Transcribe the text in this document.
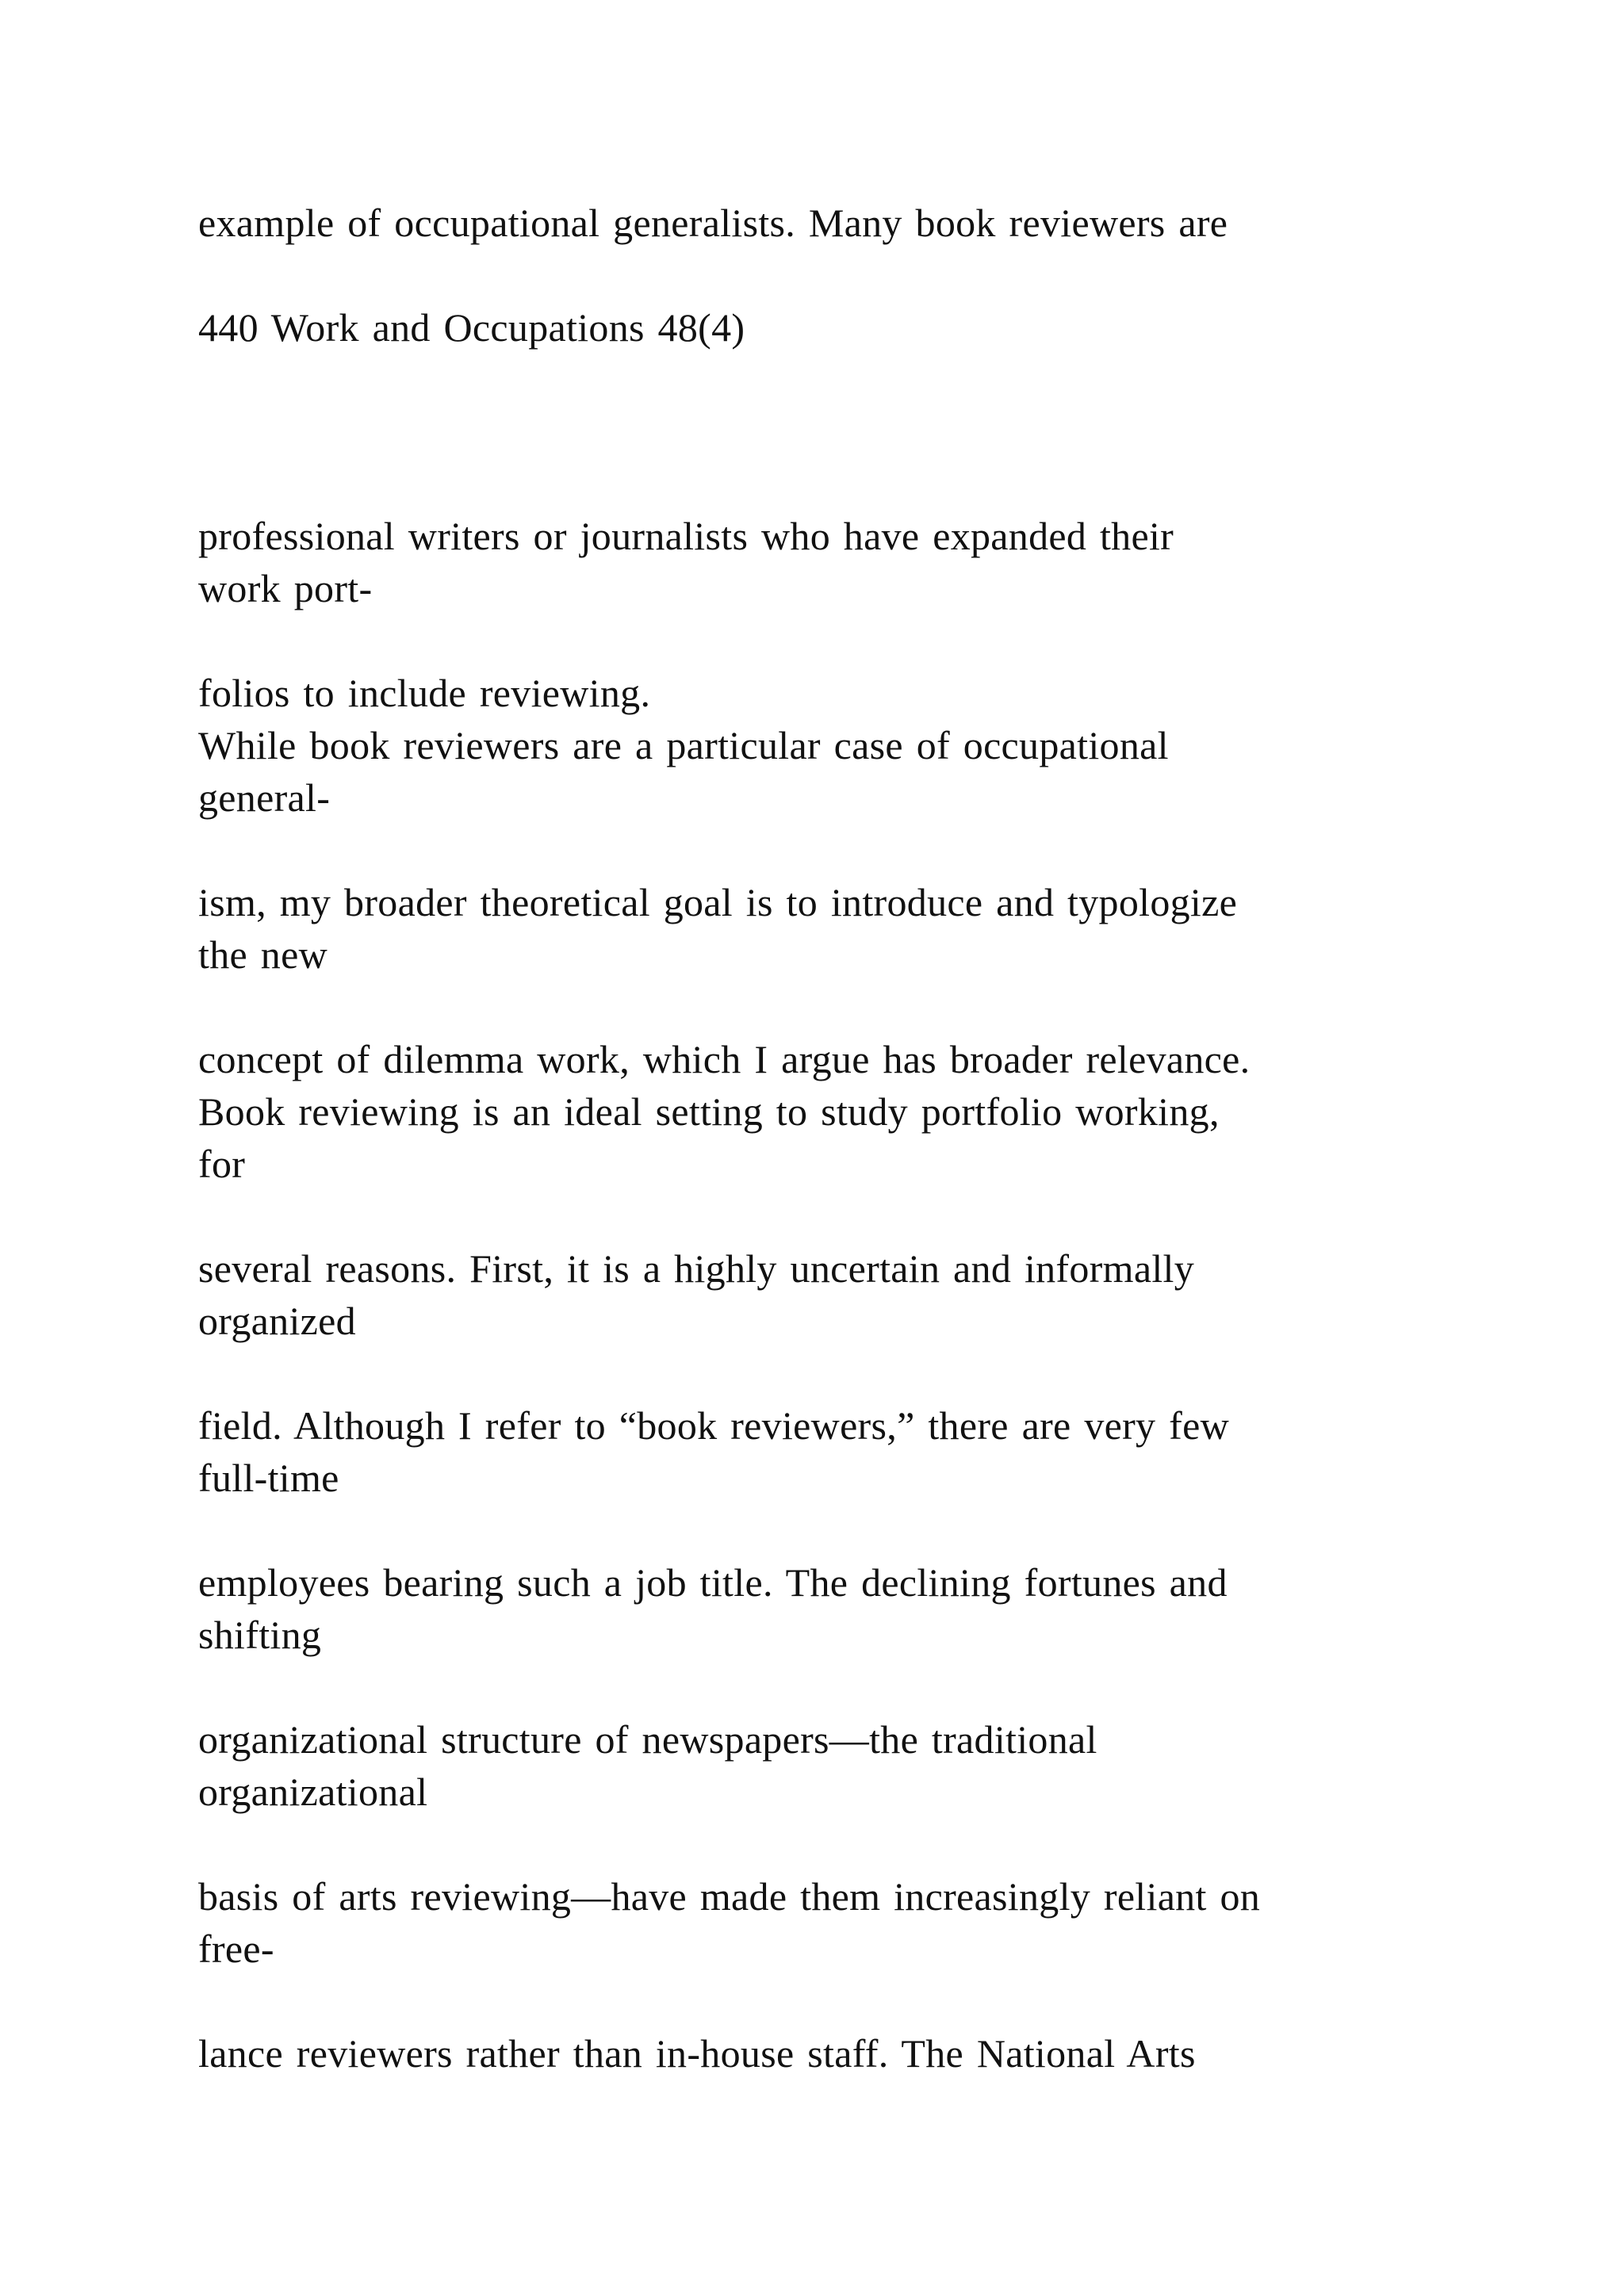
example of occupational generalists. Many book reviewers are
440 Work and Occupations 48(4)
professional writers or journalists who have expanded their
work port-
folios to include reviewing.
While book reviewers are a particular case of occupational
general-
ism, my broader theoretical goal is to introduce and typologize
the new
concept of dilemma work, which I argue has broader relevance.
Book reviewing is an ideal setting to study portfolio working,
for
several reasons. First, it is a highly uncertain and informally
organized
field. Although I refer to “book reviewers,” there are very few
full-time
employees bearing such a job title. The declining fortunes and
shifting
organizational structure of newspapers—the traditional
organizational
basis of arts reviewing—have made them increasingly reliant on
free-
lance reviewers rather than in-house staff. The National Arts
